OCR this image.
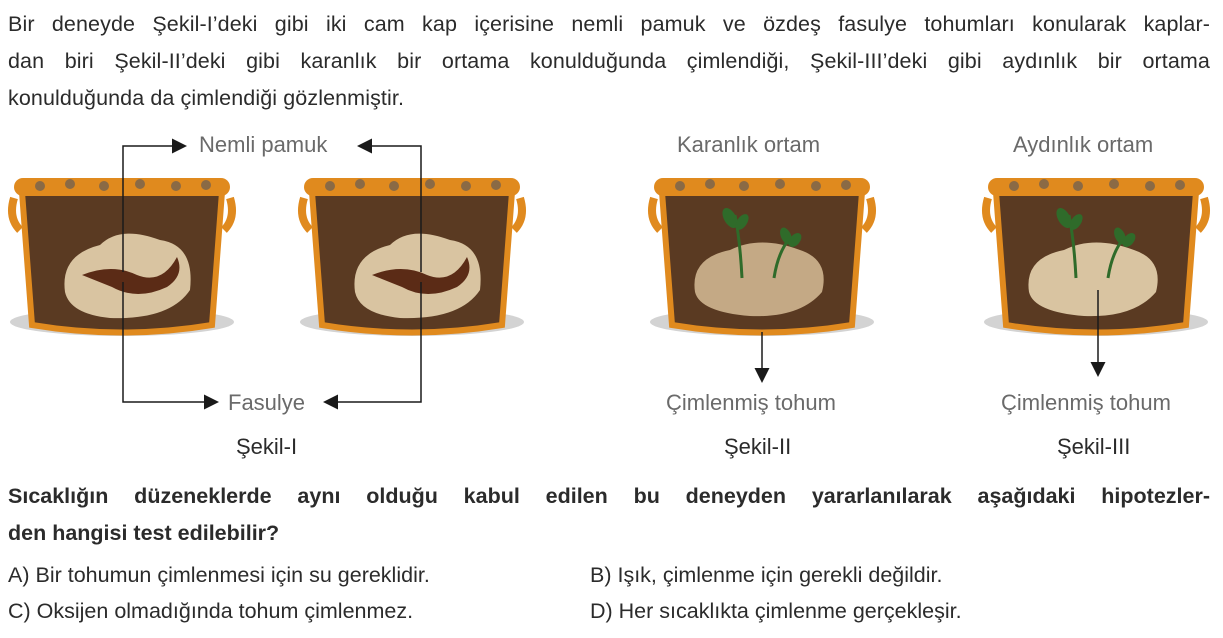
Bir deneyde Şekil-I’deki gibi iki cam kap içerisine nemli pamuk ve özdeş fasulye tohumları konularak kaplar-
dan biri Şekil-II’deki gibi karanlık bir ortama konulduğunda çimlendiği, Şekil-III’deki gibi aydınlık bir ortama
konulduğunda da çimlendiği gözlenmiştir.
Nemli pamuk	Karanlık ortam	Aydınlık ortam
Fasulye	Çimlenmiş tohum	Çimlenmiş tohum
Şekil-I	Şekil-II	Şekil-III
Sıcaklığın düzeneklerde aynı olduğu kabul edilen bu deneyden yararlanılarak aşağıdaki hipotezler-
den hangisi test edilebilir?
A) Bir tohumun çimlenmesi için su gereklidir.	B) Işık, çimlenme için gerekli değildir.
C) Oksijen olmadığında tohum çimlenmez.	D) Her sıcaklıkta çimlenme gerçekleşir.
